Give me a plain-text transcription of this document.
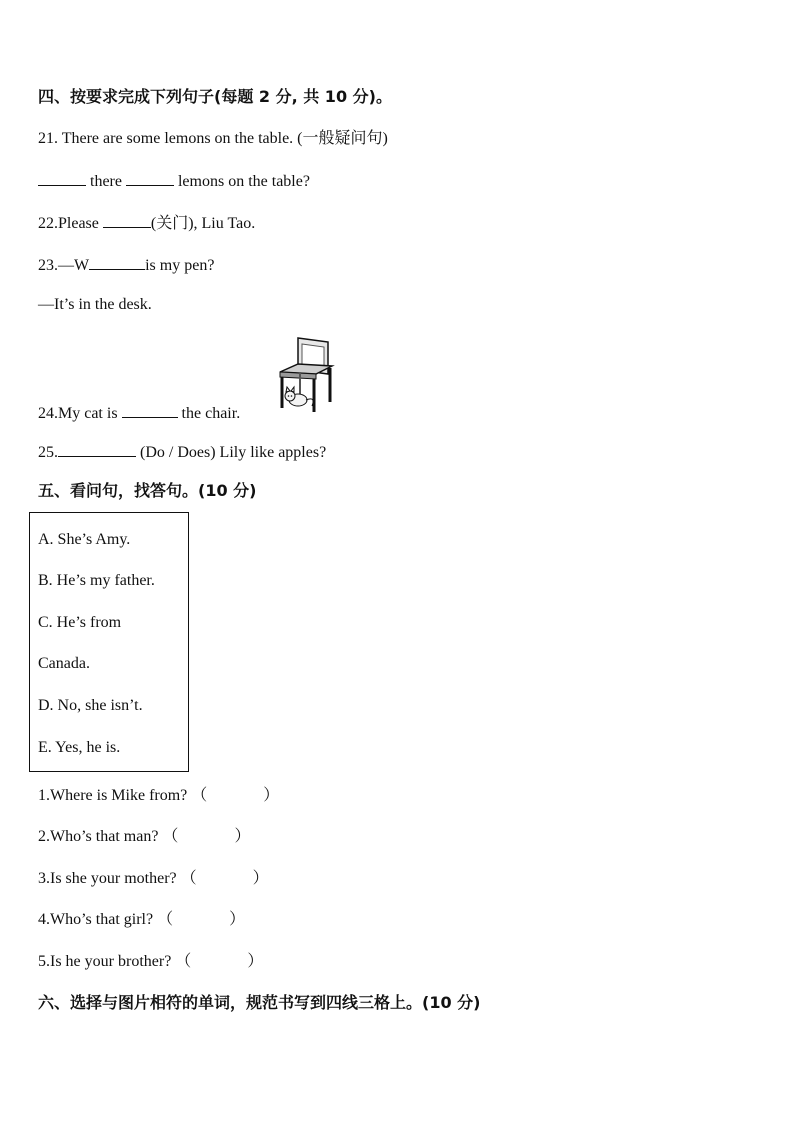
四、按要求完成下列句子(每题 2 分, 共 10 分)。
21. There are some lemons on the table. (一般疑问句)
there	lemons on the table?
22.Please	(关门), Liu Tao.
23.—W	is my pen?
—It’s in the desk.
24.My cat is	the chair.
25.	(Do / Does) Lily like apples?
五、看问句，找答句。(10 分)
A. She’s Amy.
B. He’s my father.
C. He’s from
Canada.
D. No, she isn’t.
E. Yes, he is.
1.Where is Mike from? （	）
2.Who’s that man? （	）
3.Is she your mother? （	）
4.Who’s that girl? （	）
5.Is he your brother? （	）
六、选择与图片相符的单词，规范书写到四线三格上。(10 分)
